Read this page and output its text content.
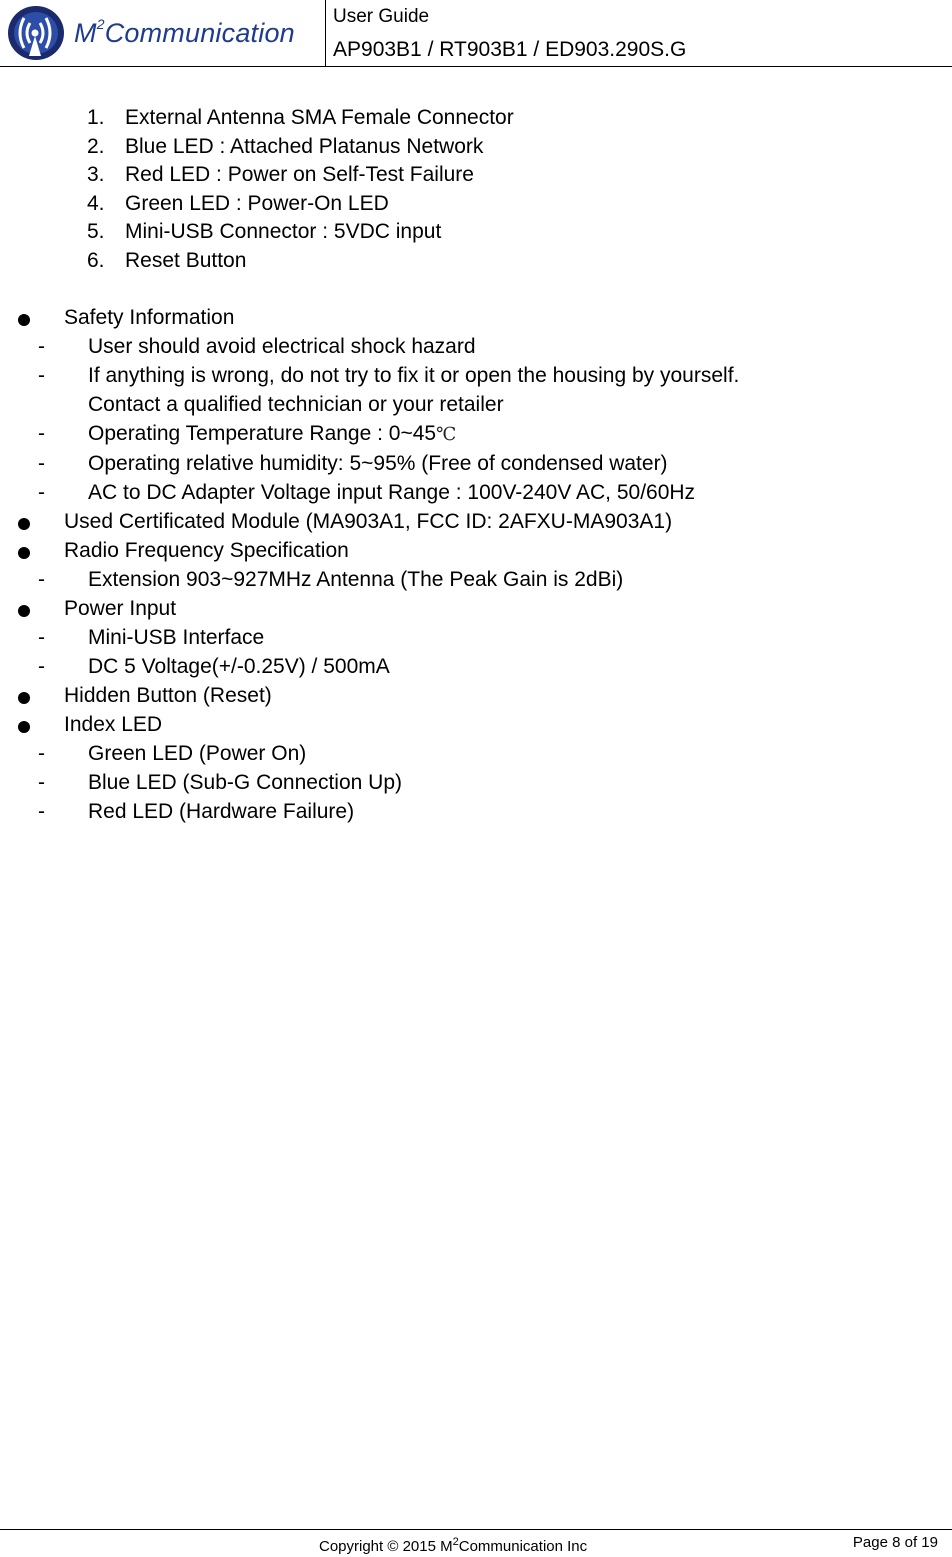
$M^2Communication$
User Guide
AP903B1 / RT903B1 / ED903.290S.G
1. External Antenna SMA Female Connector
2. Blue LED : Attached Platanus Network
3. Red LED : Power on Self-Test Failure
4. Green LED : Power-On LED
5. Mini-USB Connector : 5VDC input
6. Reset Button
Safety Information
- User should avoid electrical shock hazard
- If anything is wrong, do not try to fix it or open the housing by yourself.
Contact a qualified technician or your retailer
- Operating Temperature Range : 0~45℃
- Operating relative humidity: 5~95% (Free of condensed water)
- AC to DC Adapter Voltage input Range : 100V-240V AC, 50/60Hz
Used Certificated Module (MA903A1, FCC ID: 2AFXU-MA903A1)
Radio Frequency Specification
- Extension 903~927MHz Antenna (The Peak Gain is 2dBi)
Power Input
- Mini-USB Interface
- DC 5 Voltage(+/-0.25V) / 500mA
Hidden Button (Reset)
Index LED
- Green LED (Power On)
- Blue LED (Sub-G Connection Up)
- Red LED (Hardware Failure)
Copyright © 2015 $M^2Communication$ Inc	Page 8 of 19
